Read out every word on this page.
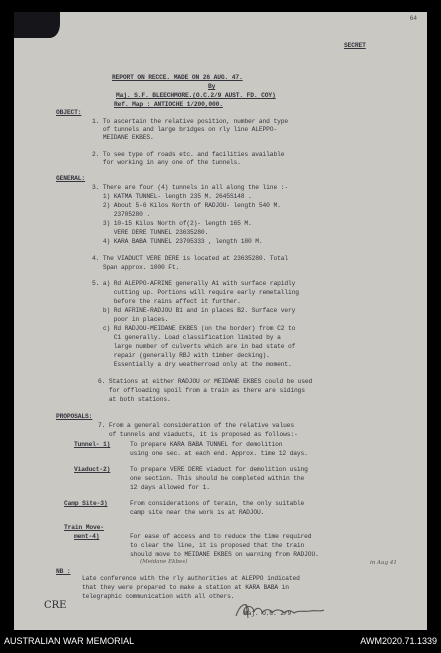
64
SECRET
REPORT ON RECCE. MADE ON 26 AUG. 47.
By
Maj. S.F. BLEECHMORE.(O.C.2/9 AUST. FD. COY)
Ref. Map : ANTIOCHE 1/200,000.
OBJECT:
1. To ascertain the relative position, number and type
of tunnels and large bridges on rly line ALEPPO-
MEIDANE EKBES.
2. To see type of roads etc. and facilities available
for working in any one of the tunnels.
GENERAL:
3. There are four (4) tunnels in all along the line :-
1) KATMA TUNNEL- length 235 M. 2645S148 .
2) About 5-6 Kilos North of RADJOU- length 540 M.
23705280 .
3) 10-15 Kilos North of(2)- length 165 M.
VERE DERE TUNNEL 23635280.
4) KARA BABA TUNNEL 23705333 , length 180 M.
4. The VIADUCT VERE DERE is located at 23635280. Total
Span approx. 1000 Ft.
5. a) Rd ALEPPO-AFRINE generally A1 with surface rapidly
cutting up. Portions will require early remetalling
before the rains affect it further.
b) Rd AFRINE-RADJOU B1 and in places B2. Surface very
poor in places.
c) Rd RADJOU-MEIDANE EKBES (on the border) from C2 to
C1 generally. Load classification limited by a
large number of culverts which are in bad state of
repair (generally RBJ with timber decking).
Essentially a dry weatherroad only at the moment.
6. Stations at either RADJOU or MEIDANE EKBES could be used
for offloading spoil from a train as there are sidings
at both stations.
PROPOSALS:
7. From a general consideration of the relative values
of tunnels and viaducts, it is proposed as follows:-
Tunnel- 1)	To prepare KARA BABA TUNNEL for demolition
using one sec. at each end. Approx. time 12 days.
Viaduct-2)	To prepare VERE DERE viaduct for demolition using
one section. This should be completed within the
12 days allowed for 1.
Camp Site-3)	From considerations of terain, the only suitable
camp site near the work is at RADJOU.
Train Move-
ment-4)	For ease of access and to reduce the time required
to clear the line, it is proposed that the train
should move to MEIDANE EKBES on warning from RADJOU.
(Meidane Ekbes)	in Aug 41
NB :
Late conference with the rly authorities at ALEPPO indicated
that they were prepared to make a station at KARA BABA in
telegraphic communication with all others.
CRE
Maj. O.C. 2/9
AUSTRALIAN WAR MEMORIAL	AWM2020.71.1339
